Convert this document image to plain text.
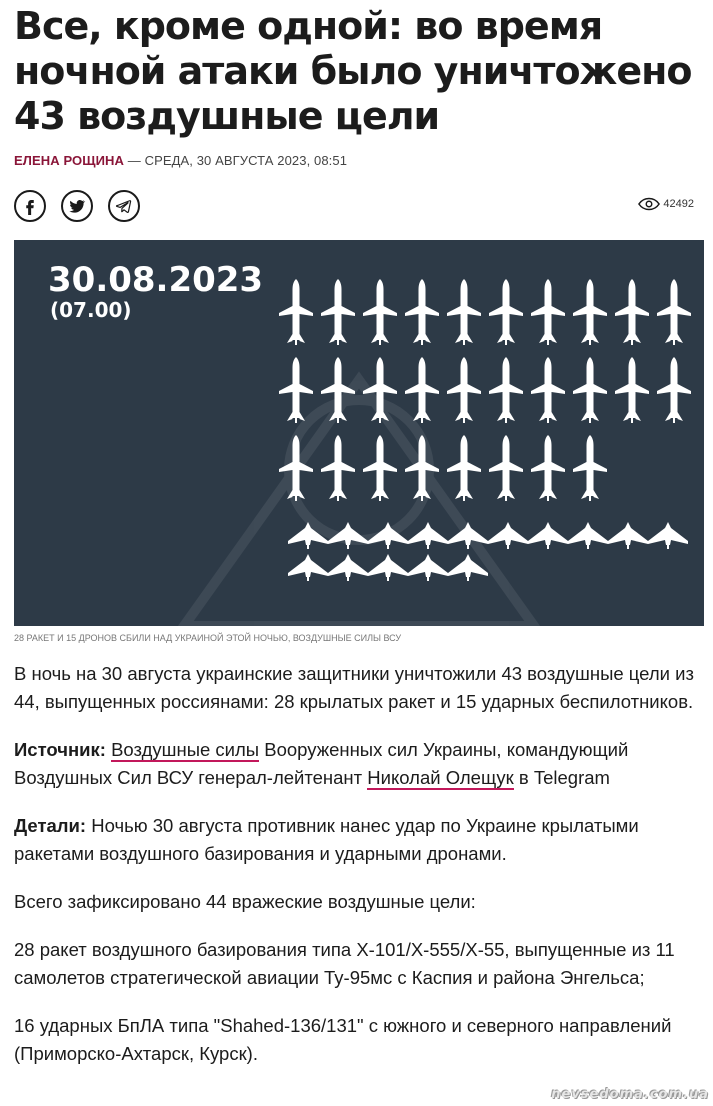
Все, кроме одной: во время ночной атаки было уничтожено 43 воздушные цели
ЕЛЕНА РОЩИНА — СРЕДА, 30 АВГУСТА 2023, 08:51
42492
30.08.2023
(07.00)
28 РАКЕТ И 15 ДРОНОВ СБИЛИ НАД УКРАИНОЙ ЭТОЙ НОЧЬЮ, ВОЗДУШНЫЕ СИЛЫ ВСУ

В ночь на 30 августа украинские защитники уничтожили 43 воздушные цели из 44, выпущенных россиянами: 28 крылатых ракет и 15 ударных беспилотников.

Источник: Воздушные силы Вооруженных сил Украины, командующий Воздушных Сил ВСУ генерал-лейтенант Николай Олещук в Telegram

Детали: Ночью 30 августа противник нанес удар по Украине крылатыми ракетами воздушного базирования и ударными дронами.

Всего зафиксировано 44 вражеские воздушные цели:

28 ракет воздушного базирования типа Х-101/Х-555/Х-55, выпущенные из 11 самолетов стратегической авиации Ту-95мс с Каспия и района Энгельса;

16 ударных БпЛА типа "Shahed-136/131" с южного и северного направлений (Приморско-Ахтарск, Курск).

nevsedoma.com.ua
